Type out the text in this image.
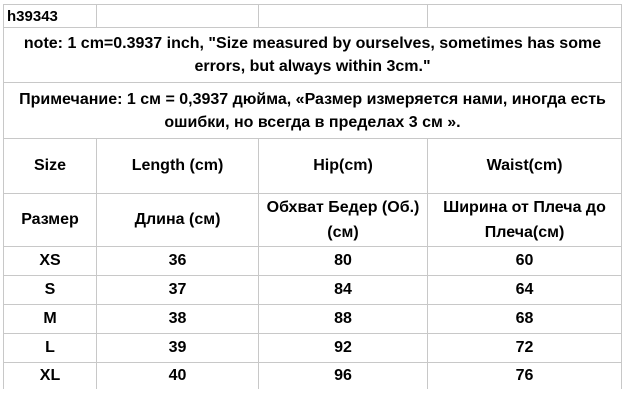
h39343			
note: 1 cm=0.3937 inch, "Size measured by ourselves, sometimes has some errors, but always within 3cm."			
Примечание: 1 см = 0,3937 дюйма, «Размер измеряется нами, иногда есть ошибки, но всегда в пределах 3 см ».			
Size	Length (cm)	Hip(cm)	Waist(cm)
Размер	Длина (см)	Обхват Бедер (Об.) (см)	Ширина от Плеча до Плеча(см)
XS	36	80	60
S	37	84	64
M	38	88	68
L	39	92	72
XL	40	96	76
